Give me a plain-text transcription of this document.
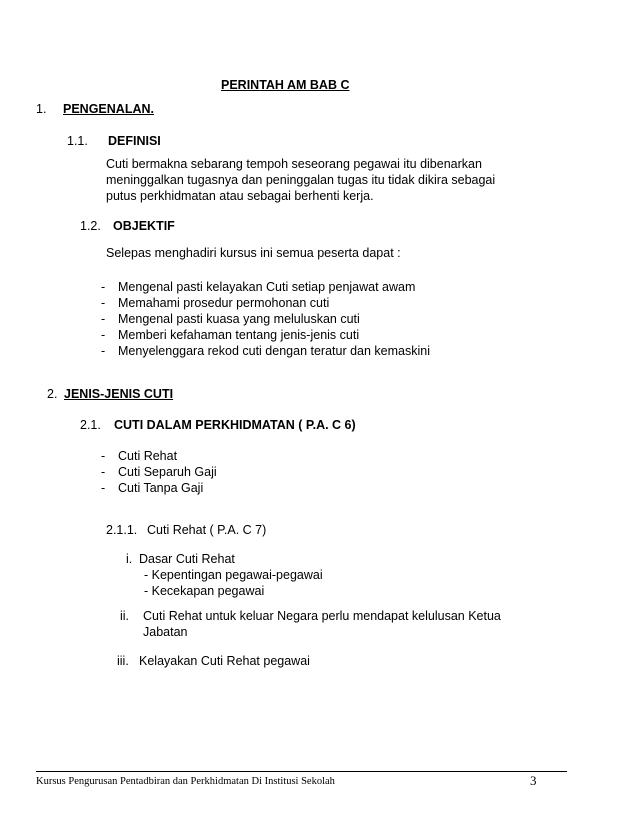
PERINTAH AM BAB C
1. PENGENALAN.
1.1. DEFINISI
Cuti bermakna sebarang tempoh seseorang pegawai itu dibenarkan
meninggalkan tugasnya dan peninggalan tugas itu tidak dikira sebagai
putus perkhidmatan atau sebagai berhenti kerja.
1.2. OBJEKTIF
Selepas menghadiri kursus ini semua peserta dapat :
- Mengenal pasti kelayakan Cuti setiap penjawat awam
- Memahami prosedur permohonan cuti
- Mengenal pasti kuasa yang meluluskan cuti
- Memberi kefahaman tentang jenis-jenis cuti
- Menyelenggara rekod cuti dengan teratur dan kemaskini
2. JENIS-JENIS CUTI
2.1. CUTI DALAM PERKHIDMATAN ( P.A. C 6)
- Cuti Rehat
- Cuti Separuh Gaji
- Cuti Tanpa Gaji
2.1.1. Cuti Rehat ( P.A. C 7)
i. Dasar Cuti Rehat
- Kepentingan pegawai-pegawai
- Kecekapan pegawai
ii. Cuti Rehat untuk keluar Negara perlu mendapat kelulusan Ketua
Jabatan
iii. Kelayakan Cuti Rehat pegawai
Kursus Pengurusan Pentadbiran dan Perkhidmatan Di Institusi Sekolah	3
